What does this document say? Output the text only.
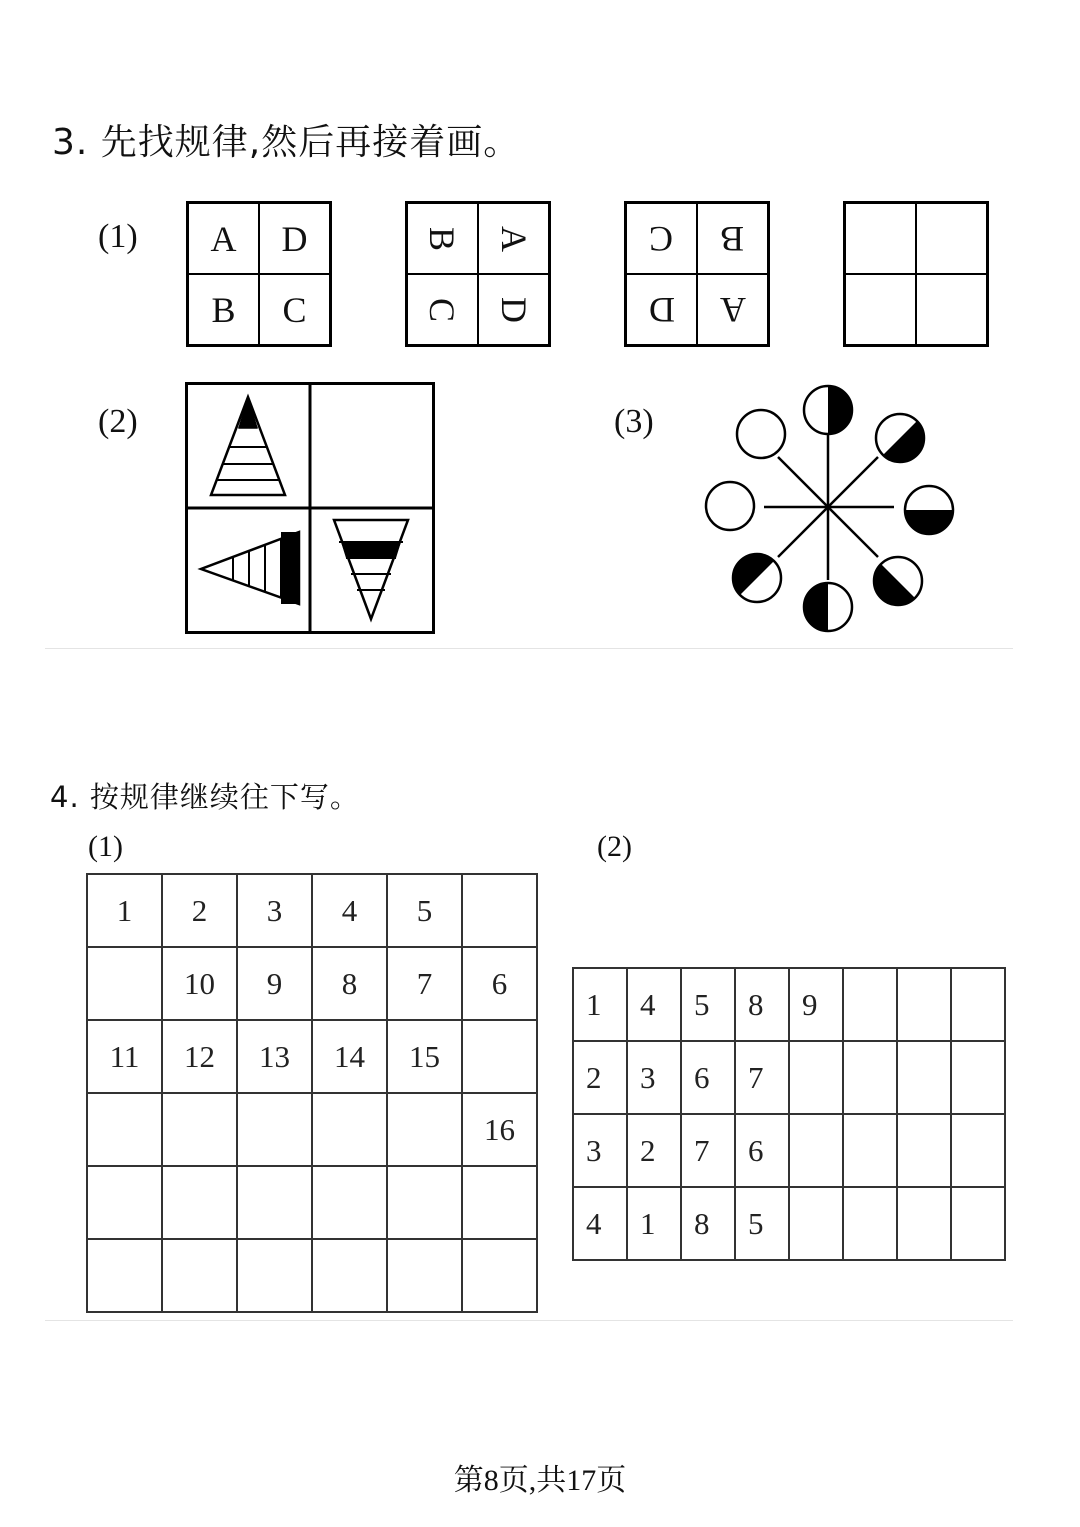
3. 先找规律,然后再接着画。
(1) A D
B C
B A
C D
C B
D A
(2)	(3)
4. 按规律继续往下写。
(1)	(2)
1	2	3	4	5	
	10	9	8	7	6
11	12	13	14	15	
					16

1	4	5	8	9			
2	3	6	7				
3	2	7	6				
4	1	8	5				
第8页,共17页
